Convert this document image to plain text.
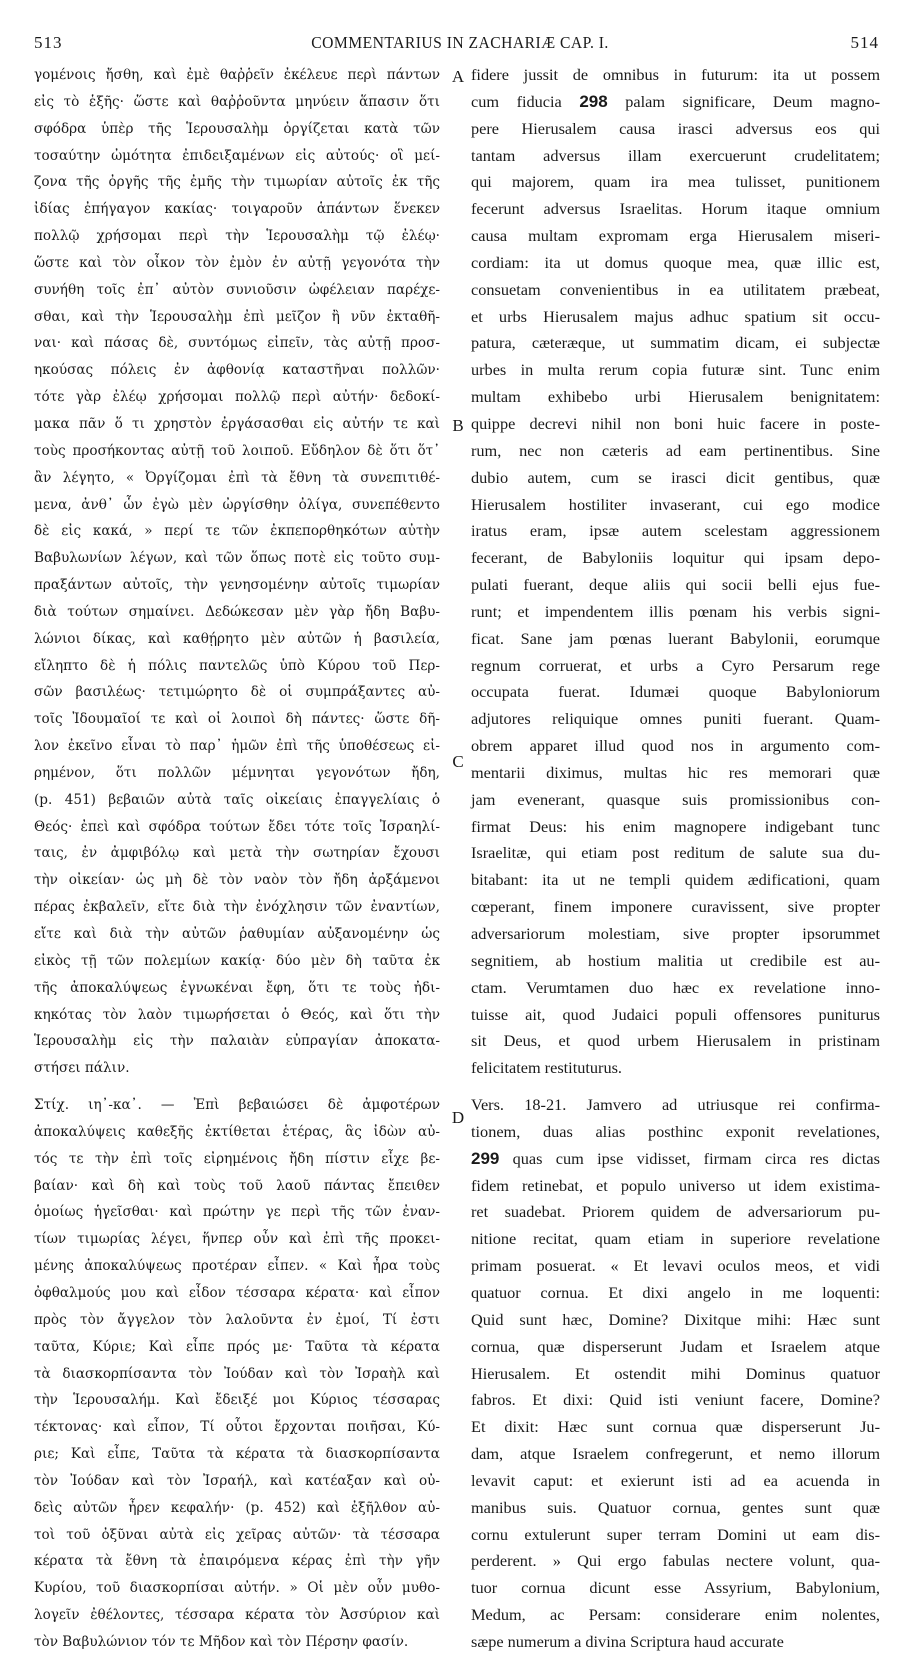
513	COMMENTARIUS IN ZACHARIÆ CAP. I.	514
γομένοις ἤσθη, καὶ ἐμὲ θαῤῥεῖν ἐκέλευε περὶ πάντων
εἰς τὸ ἑξῆς· ὥστε καὶ θαῤῥοῦντα μηνύειν ἅπασιν ὅτι
σφόδρα ὑπὲρ τῆς Ἱερουσαλὴμ ὀργίζεται κατὰ τῶν
τοσαύτην ὠμότητα ἐπιδειξαμένων εἰς αὐτούς· οἳ μεί-
ζονα τῆς ὀργῆς τῆς ἐμῆς τὴν τιμωρίαν αὐτοῖς ἐκ τῆς
ἰδίας ἐπήγαγον κακίας· τοιγαροῦν ἁπάντων ἕνεκεν
πολλῷ χρήσομαι περὶ τὴν Ἱερουσαλὴμ τῷ ἐλέῳ·
ὥστε καὶ τὸν οἶκον τὸν ἐμὸν ἐν αὐτῇ γεγονότα τὴν
συνήθη τοῖς ἐπ᾽ αὐτὸν συνιοῦσιν ὠφέλειαν παρέχε-
σθαι, καὶ τὴν Ἱερουσαλὴμ ἐπὶ μεῖζον ἢ νῦν ἐκταθῆ-
ναι· καὶ πάσας δὲ, συντόμως εἰπεῖν, τὰς αὐτῇ προσ-
ηκούσας πόλεις ἐν ἀφθονίᾳ καταστῆναι πολλῶν·
τότε γὰρ ἐλέῳ χρήσομαι πολλῷ περὶ αὐτήν· δεδοκί-
μακα πᾶν ὅ τι χρηστὸν ἐργάσασθαι εἰς αὐτήν τε καὶ
τοὺς προσήκοντας αὐτῇ τοῦ λοιποῦ. Εὔδηλον δὲ ὅτι ὅτ᾽
ἂν λέγητο, « Ὀργίζομαι ἐπὶ τὰ ἔθνη τὰ συνεπιτιθέ-
μενα, ἀνθ᾽ ὧν ἐγὼ μὲν ὠργίσθην ὀλίγα, συνεπέθεντο
δὲ εἰς κακά, » περί τε τῶν ἐκπεπορθηκότων αὐτὴν
Βαβυλωνίων λέγων, καὶ τῶν ὅπως ποτὲ εἰς τοῦτο συμ-
πραξάντων αὐτοῖς, τὴν γενησομένην αὐτοῖς τιμωρίαν
διὰ τούτων σημαίνει. Δεδώκεσαν μὲν γὰρ ἤδη Βαβυ-
λώνιοι δίκας, καὶ καθῄρητο μὲν αὐτῶν ἡ βασιλεία,
εἴληπτο δὲ ἡ πόλις παντελῶς ὑπὸ Κύρου τοῦ Περ-
σῶν βασιλέως· τετιμώρητο δὲ οἱ συμπράξαντες αὐ-
τοῖς Ἰδουμαῖοί τε καὶ οἱ λοιποὶ δὴ πάντες· ὥστε δῆ-
λον ἐκεῖνο εἶναι τὸ παρ᾽ ἡμῶν ἐπὶ τῆς ὑποθέσεως εἰ-
ρημένον, ὅτι πολλῶν μέμνηται γεγονότων ἤδη,
(p. 451) βεβαιῶν αὐτὰ ταῖς οἰκείαις ἐπαγγελίαις ὁ
Θεός· ἐπεὶ καὶ σφόδρα τούτων ἔδει τότε τοῖς Ἰσραηλί-
ταις, ἐν ἀμφιβόλῳ καὶ μετὰ τὴν σωτηρίαν ἔχουσι
τὴν οἰκείαν· ὡς μὴ δὲ τὸν ναὸν τὸν ἤδη ἀρξάμενοι
πέρας ἐκβαλεῖν, εἴτε διὰ τὴν ἐνόχλησιν τῶν ἐναντίων,
εἴτε καὶ διὰ τὴν αὐτῶν ῥαθυμίαν αὐξανομένην ὡς
εἰκὸς τῇ τῶν πολεμίων κακίᾳ· δύο μὲν δὴ ταῦτα ἐκ
τῆς ἀποκαλύψεως ἐγνωκέναι ἔφη, ὅτι τε τοὺς ἠδι-
κηκότας τὸν λαὸν τιμωρήσεται ὁ Θεός, καὶ ὅτι τὴν
Ἱερουσαλὴμ εἰς τὴν παλαιὰν εὐπραγίαν ἀποκατα-
στήσει πάλιν.
Στίχ. ιη᾽-κα᾽. — Ἐπὶ βεβαιώσει δὲ ἀμφοτέρων
ἀποκαλύψεις καθεξῆς ἐκτίθεται ἑτέρας, ἃς ἰδὼν αὐ-
τός τε τὴν ἐπὶ τοῖς εἰρημένοις ἤδη πίστιν εἶχε βε-
βαίαν· καὶ δὴ καὶ τοὺς τοῦ λαοῦ πάντας ἔπειθεν
ὁμοίως ἡγεῖσθαι· καὶ πρώτην γε περὶ τῆς τῶν ἐναν-
τίων τιμωρίας λέγει, ἥνπερ οὖν καὶ ἐπὶ τῆς προκει-
μένης ἀποκαλύψεως προτέραν εἶπεν. « Καὶ ἦρα τοὺς
ὀφθαλμούς μου καὶ εἶδον τέσσαρα κέρατα· καὶ εἶπον
πρὸς τὸν ἄγγελον τὸν λαλοῦντα ἐν ἐμοί, Τί ἐστι
ταῦτα, Κύριε; Καὶ εἶπε πρός με· Ταῦτα τὰ κέρατα
τὰ διασκορπίσαντα τὸν Ἰούδαν καὶ τὸν Ἰσραὴλ καὶ
τὴν Ἱερουσαλήμ. Καὶ ἔδειξέ μοι Κύριος τέσσαρας
τέκτονας· καὶ εἶπον, Τί οὗτοι ἔρχονται ποιῆσαι, Κύ-
ριε; Καὶ εἶπε, Ταῦτα τὰ κέρατα τὰ διασκορπίσαντα
τὸν Ἰούδαν καὶ τὸν Ἰσραήλ, καὶ κατέαξαν καὶ οὐ-
δεὶς αὐτῶν ἦρεν κεφαλήν· (p. 452) καὶ ἐξῆλθον αὐ-
τοὶ τοῦ ὀξῦναι αὐτὰ εἰς χεῖρας αὐτῶν· τὰ τέσσαρα
κέρατα τὰ ἔθνη τὰ ἐπαιρόμενα κέρας ἐπὶ τὴν γῆν
Κυρίου, τοῦ διασκορπίσαι αὐτήν. » Οἱ μὲν οὖν μυθο-
λογεῖν ἐθέλοντες, τέσσαρα κέρατα τὸν Ἀσσύριον καὶ
τὸν Βαβυλώνιον τόν τε Μῆδον καὶ τὸν Πέρσην φασίν.
fidere jussit de omnibus in futurum: ita ut possem
cum fiducia 298 palam significare, Deum magno-
pere Hierusalem causa irasci adversus eos qui
tantam adversus illam exercuerunt crudelitatem;
qui majorem, quam ira mea tulisset, punitionem
fecerunt adversus Israelitas. Horum itaque omnium
causa multam expromam erga Hierusalem miseri-
cordiam: ita ut domus quoque mea, quæ illic est,
consuetam convenientibus in ea utilitatem præbeat,
et urbs Hierusalem majus adhuc spatium sit occu-
patura, cæteræque, ut summatim dicam, ei subjectæ
urbes in multa rerum copia futuræ sint. Tunc enim
multam exhibebo urbi Hierusalem benignitatem:
quippe decrevi nihil non boni huic facere in poste-
rum, nec non cæteris ad eam pertinentibus. Sine
dubio autem, cum se irasci dicit gentibus, quæ
Hierusalem hostiliter invaserant, cui ego modice
iratus eram, ipsæ autem scelestam aggressionem
fecerant, de Babyloniis loquitur qui ipsam depo-
pulati fuerant, deque aliis qui socii belli ejus fue-
runt; et impendentem illis pœnam his verbis signi-
ficat. Sane jam pœnas luerant Babylonii, eorumque
regnum corruerat, et urbs a Cyro Persarum rege
occupata fuerat. Idumæi quoque Babyloniorum
adjutores reliquique omnes puniti fuerant. Quam-
obrem apparet illud quod nos in argumento com-
mentarii diximus, multas hic res memorari quæ
jam evenerant, quasque suis promissionibus con-
firmat Deus: his enim magnopere indigebant tunc
Israelitæ, qui etiam post reditum de salute sua du-
bitabant: ita ut ne templi quidem ædificationi, quam
cœperant, finem imponere curavissent, sive propter
adversariorum molestiam, sive propter ipsorummet
segnitiem, ab hostium malitia ut credibile est au-
ctam. Verumtamen duo hæc ex revelatione inno-
tuisse ait, quod Judaici populi offensores puniturus
sit Deus, et quod urbem Hierusalem in pristinam
felicitatem restituturus.
Vers. 18-21. Jamvero ad utriusque rei confirma-
tionem, duas alias posthinc exponit revelationes,
299 quas cum ipse vidisset, firmam circa res dictas
fidem retinebat, et populo universo ut idem existima-
ret suadebat. Priorem quidem de adversariorum pu-
nitione recitat, quam etiam in superiore revelatione
primam posuerat. « Et levavi oculos meos, et vidi
quatuor cornua. Et dixi angelo in me loquenti:
Quid sunt hæc, Domine? Dixitque mihi: Hæc sunt
cornua, quæ disperserunt Judam et Israelem atque
Hierusalem. Et ostendit mihi Dominus quatuor
fabros. Et dixi: Quid isti veniunt facere, Domine?
Et dixit: Hæc sunt cornua quæ disperserunt Ju-
dam, atque Israelem confregerunt, et nemo illorum
levavit caput: et exierunt isti ad ea acuenda in
manibus suis. Quatuor cornua, gentes sunt quæ
cornu extulerunt super terram Domini ut eam dis-
perderent. » Qui ergo fabulas nectere volunt, qua-
tuor cornua dicunt esse Assyrium, Babylonium,
Medum, ac Persam: considerare enim nolentes,
sæpe numerum a divina Scriptura haud accurate
A
B
C
D
